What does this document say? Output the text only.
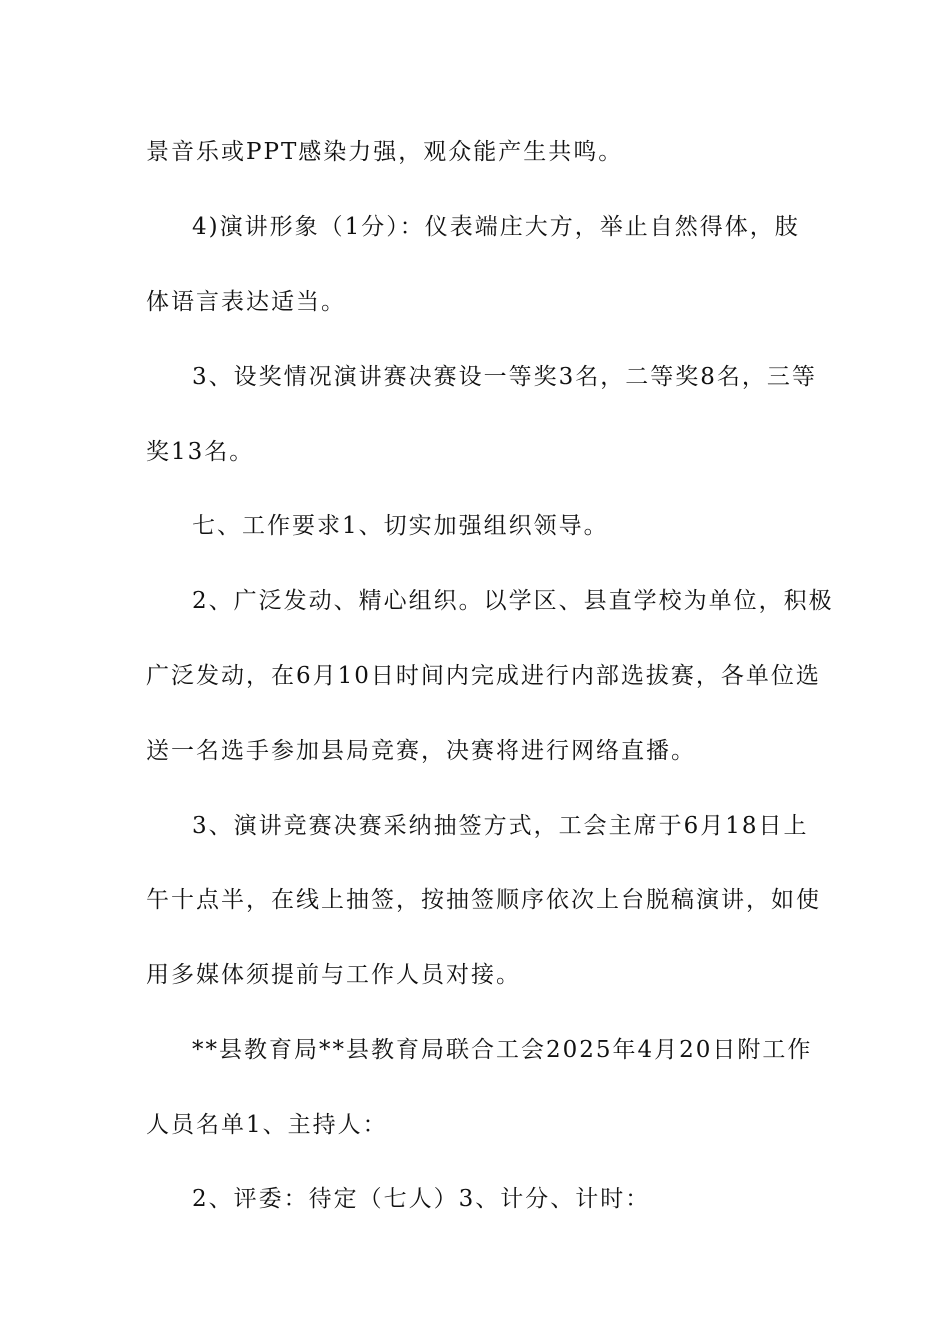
景音乐或PPT感染力强，观众能产生共鸣。
4)演讲形象（1分）：仪表端庄大方，举止自然得体，肢
体语言表达适当。
3、设奖情况演讲赛决赛设一等奖3名，二等奖8名，三等
奖13名。
七、工作要求1、切实加强组织领导。
2、广泛发动、精心组织。以学区、县直学校为单位，积极
广泛发动，在6月10日时间内完成进行内部选拔赛，各单位选
送一名选手参加县局竞赛，决赛将进行网络直播。
3、演讲竞赛决赛采纳抽签方式，工会主席于6月18日上
午十点半，在线上抽签，按抽签顺序依次上台脱稿演讲，如使
用多媒体须提前与工作人员对接。
**县教育局**县教育局联合工会2025年4月20日附工作
人员名单1、主持人：
2、评委：待定（七人）3、计分、计时：
